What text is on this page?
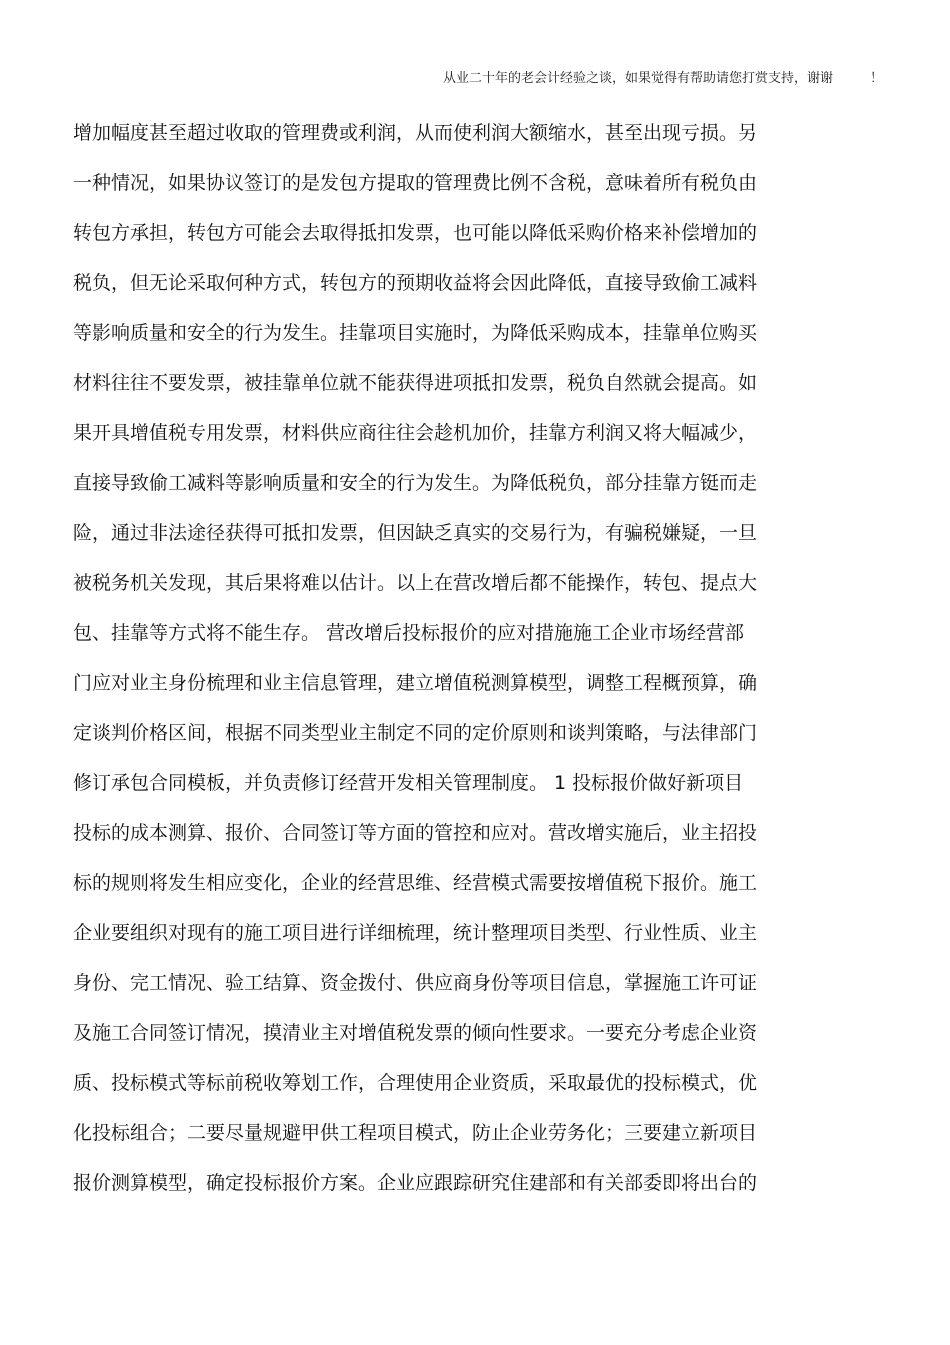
从业二十年的老会计经验之谈，如果觉得有帮助请您打赏支持，谢谢	！
增加幅度甚至超过收取的管理费或利润，从而使利润大额缩水，甚至出现亏损。另
一种情况，如果协议签订的是发包方提取的管理费比例不含税，意味着所有税负由
转包方承担，转包方可能会去取得抵扣发票，也可能以降低采购价格来补偿增加的
税负，但无论采取何种方式，转包方的预期收益将会因此降低，直接导致偷工减料
等影响质量和安全的行为发生。挂靠项目实施时，为降低采购成本，挂靠单位购买
材料往往不要发票，被挂靠单位就不能获得进项抵扣发票，税负自然就会提高。如
果开具增值税专用发票，材料供应商往往会趁机加价，挂靠方利润又将大幅减少，
直接导致偷工减料等影响质量和安全的行为发生。为降低税负，部分挂靠方铤而走
险，通过非法途径获得可抵扣发票，但因缺乏真实的交易行为，有骗税嫌疑，一旦
被税务机关发现，其后果将难以估计。以上在营改增后都不能操作，转包、提点大
包、挂靠等方式将不能生存。 营改增后投标报价的应对措施施工企业市场经营部
门应对业主身份梳理和业主信息管理，建立增值税测算模型，调整工程概预算，确
定谈判价格区间，根据不同类型业主制定不同的定价原则和谈判策略，与法律部门
修订承包合同模板，并负责修订经营开发相关管理制度。 1 投标报价做好新项目
投标的成本测算、报价、合同签订等方面的管控和应对。营改增实施后，业主招投
标的规则将发生相应变化，企业的经营思维、经营模式需要按增值税下报价。施工
企业要组织对现有的施工项目进行详细梳理，统计整理项目类型、行业性质、业主
身份、完工情况、验工结算、资金拨付、供应商身份等项目信息，掌握施工许可证
及施工合同签订情况，摸清业主对增值税发票的倾向性要求。一要充分考虑企业资
质、投标模式等标前税收筹划工作，合理使用企业资质，采取最优的投标模式，优
化投标组合；二要尽量规避甲供工程项目模式，防止企业劳务化；三要建立新项目
报价测算模型，确定投标报价方案。企业应跟踪研究住建部和有关部委即将出台的
